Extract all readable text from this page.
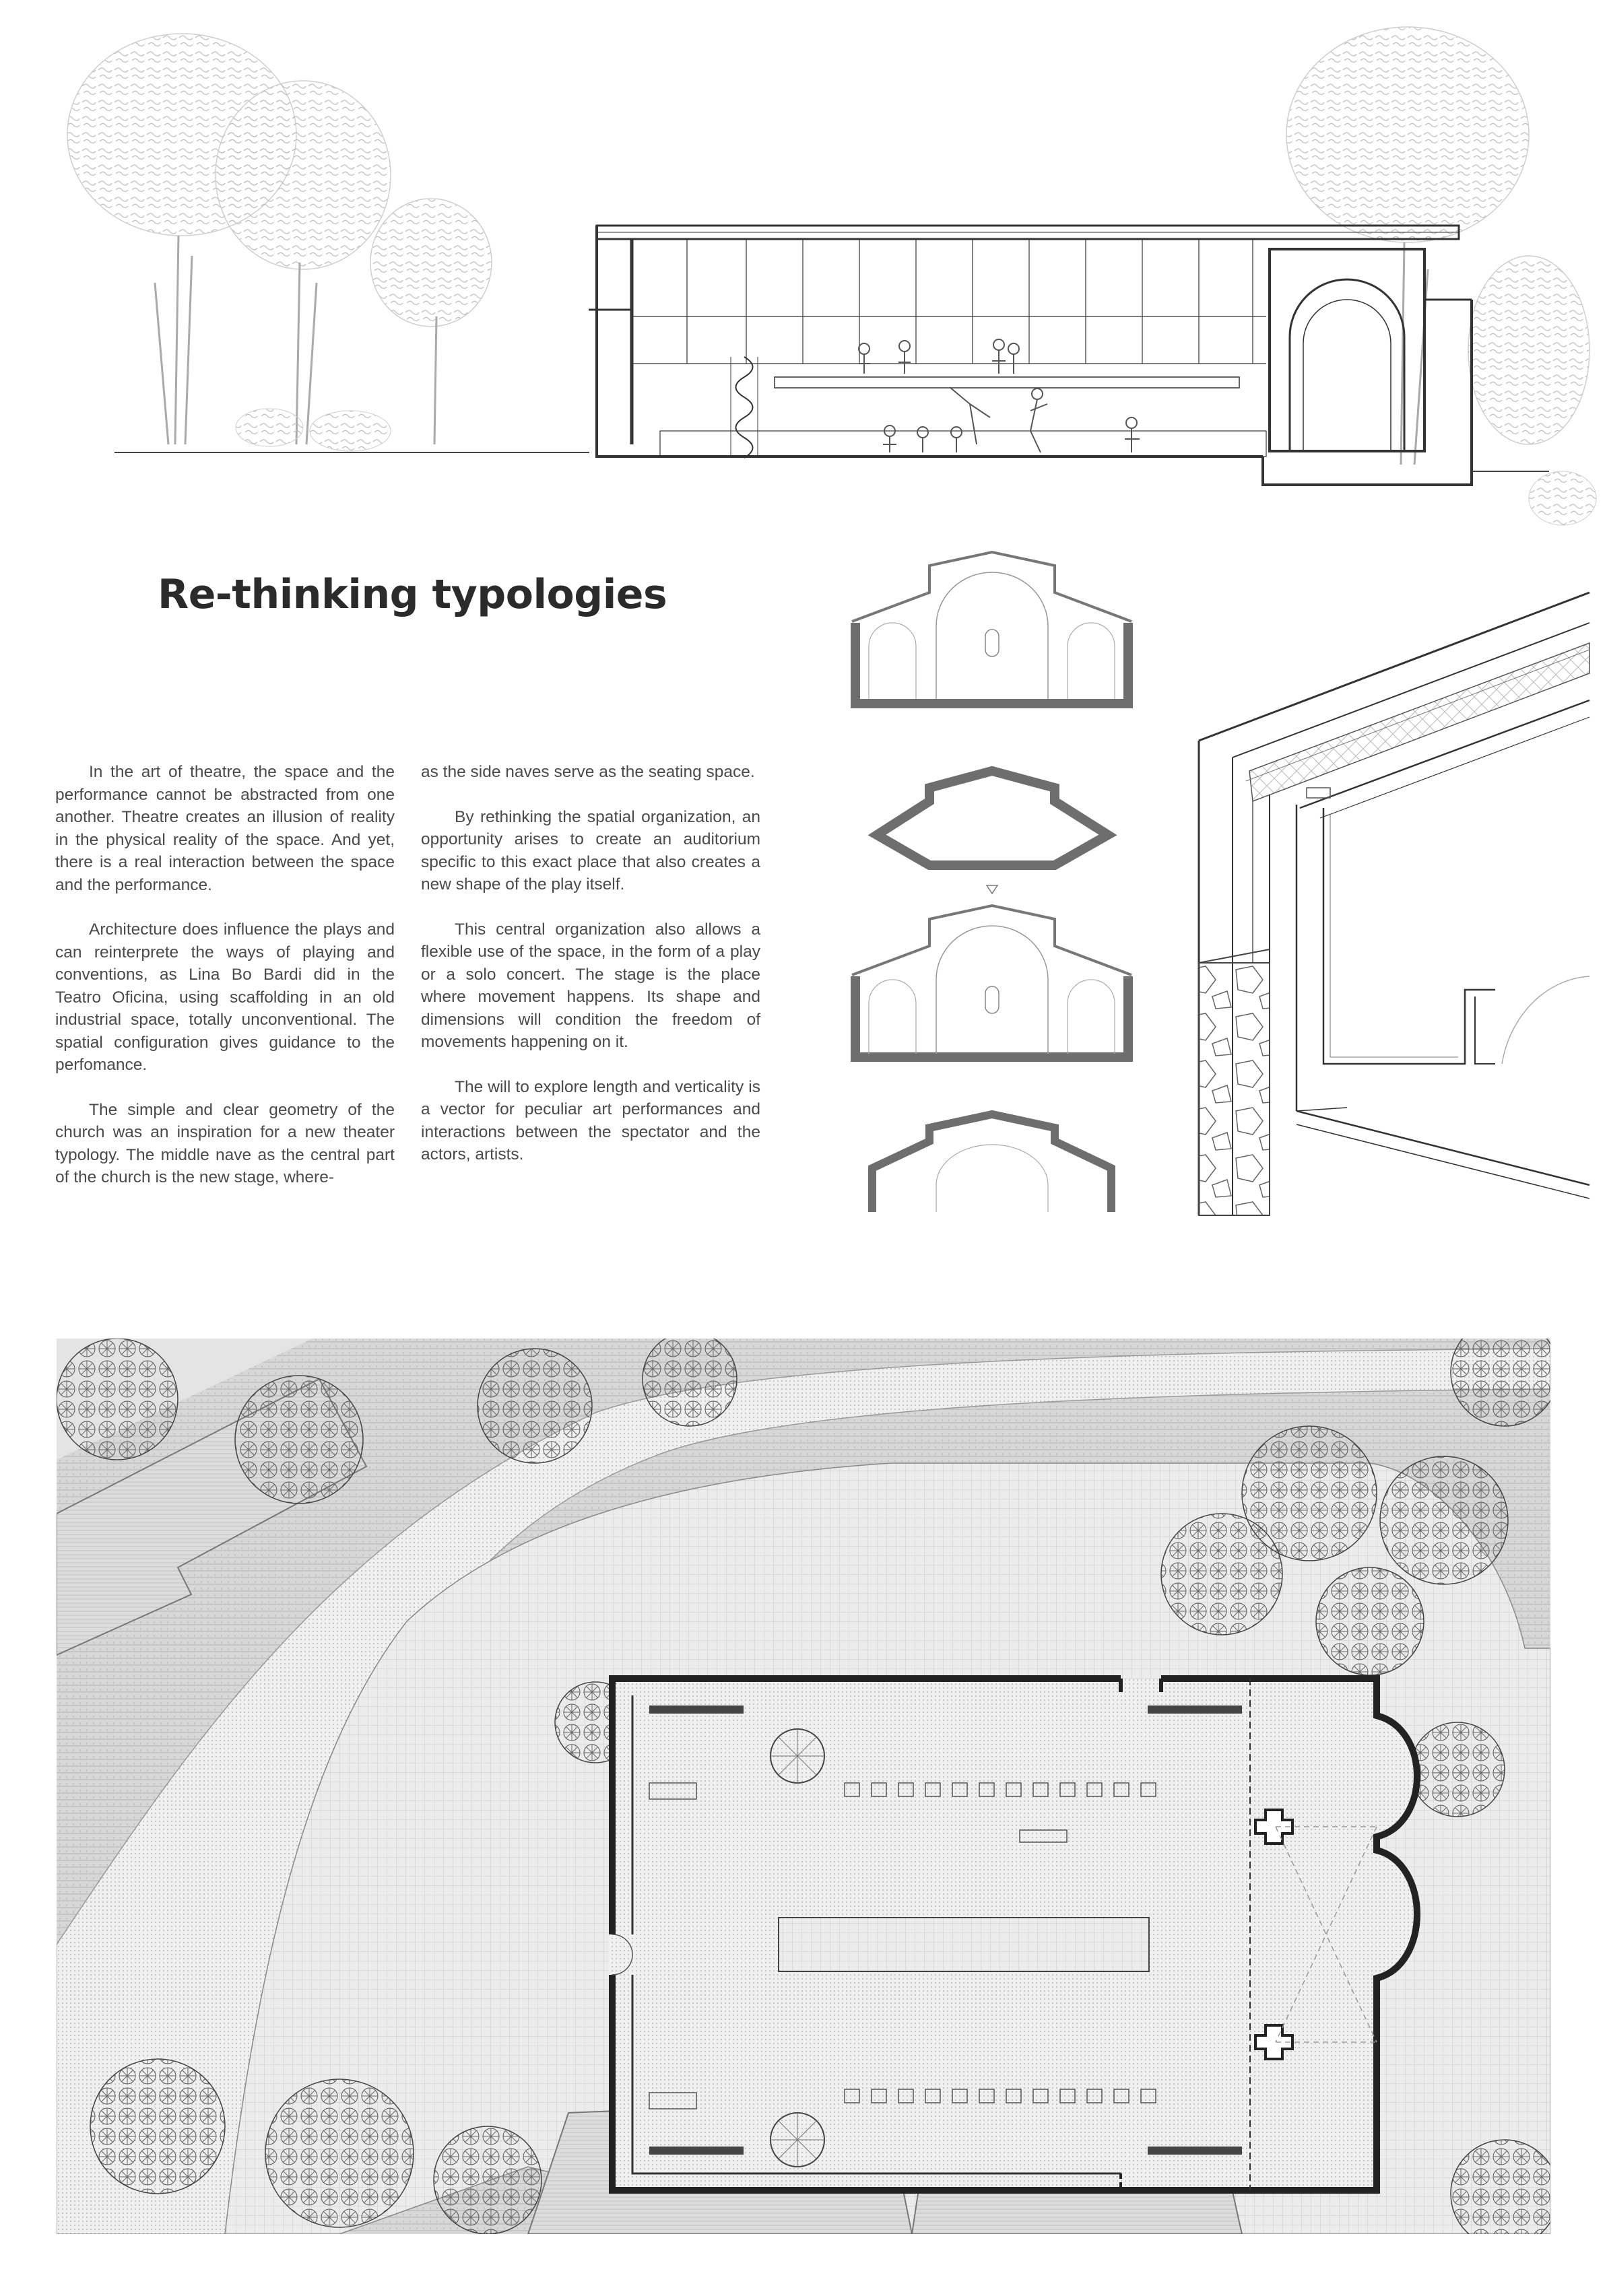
Re-thinking typologies

In the art of theatre, the space and the performance cannot be abstracted from one another. Theatre creates an illusion of reality in the physical reality of the space. And yet, there is a real interaction between the space and the performance.

Architecture does influence the plays and can reinterprete the ways of playing and conventions, as Lina Bo Bardi did in the Teatro Oficina, using scaffolding in an old industrial space, totally unconventional. The spatial configuration gives guidance to the perfomance.

The simple and clear geometry of the church was an inspiration for a new theater typology. The middle nave as the central part of the church is the new stage, where-

as the side naves serve as the seating space.

By rethinking the spatial organization, an opportunity arises to create an auditorium specific to this exact place that also creates a new shape of the play itself.

This central organization also allows a flexible use of the space, in the form of a play or a solo concert. The stage is the place where movement happens. Its shape and dimensions will condition the freedom of movements happening on it.

The will to explore length and verticality is a vector for peculiar art performances and interactions between the spectator and the actors, artists.
